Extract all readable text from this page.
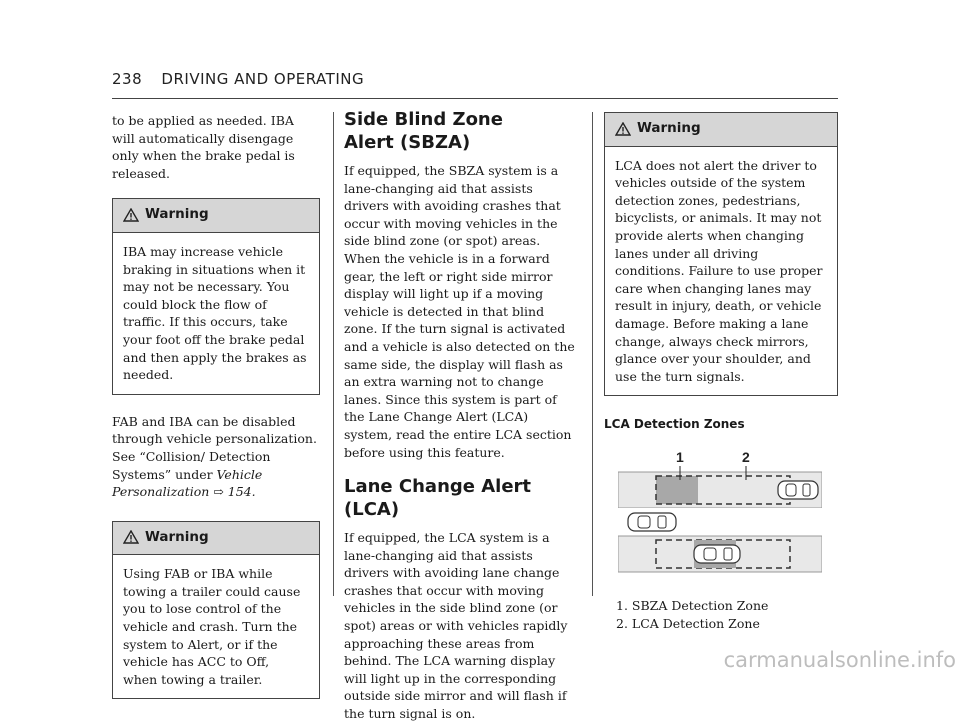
238 DRIVING AND OPERATING

to be applied as needed. IBA will automatically disengage only when the brake pedal is released.

Warning
IBA may increase vehicle braking in situations when it may not be necessary. You could block the flow of traffic. If this occurs, take your foot off the brake pedal and then apply the brakes as needed.

FAB and IBA can be disabled through vehicle personalization. See “Collision/ Detection Systems” under Vehicle Personalization ⇨ 154.

Warning
Using FAB or IBA while towing a trailer could cause you to lose control of the vehicle and crash. Turn the system to Alert, or if the vehicle has ACC to Off, when towing a trailer.
Side Blind Zone
Alert (SBZA)

If equipped, the SBZA system is a lane-changing aid that assists drivers with avoiding crashes that occur with moving vehicles in the side blind zone (or spot) areas. When the vehicle is in a forward gear, the left or right side mirror display will light up if a moving vehicle is detected in that blind zone. If the turn signal is activated and a vehicle is also detected on the same side, the display will flash as an extra warning not to change lanes. Since this system is part of the Lane Change Alert (LCA) system, read the entire LCA section before using this feature.

Lane Change Alert (LCA)

If equipped, the LCA system is a lane-changing aid that assists drivers with avoiding lane change crashes that occur with moving vehicles in the side blind zone (or spot) areas or with vehicles rapidly approaching these areas from behind. The LCA warning display will light up in the corresponding outside side mirror and will flash if the turn signal is on.

Warning
LCA does not alert the driver to vehicles outside of the system detection zones, pedestrians, bicyclists, or animals. It may not provide alerts when changing lanes under all driving conditions. Failure to use proper care when changing lanes may result in injury, death, or vehicle damage. Before making a lane change, always check mirrors, glance over your shoulder, and use the turn signals.
LCA Detection Zones
1	2
1. SBZA Detection Zone
2. LCA Detection Zone
carmanualsonline.info
